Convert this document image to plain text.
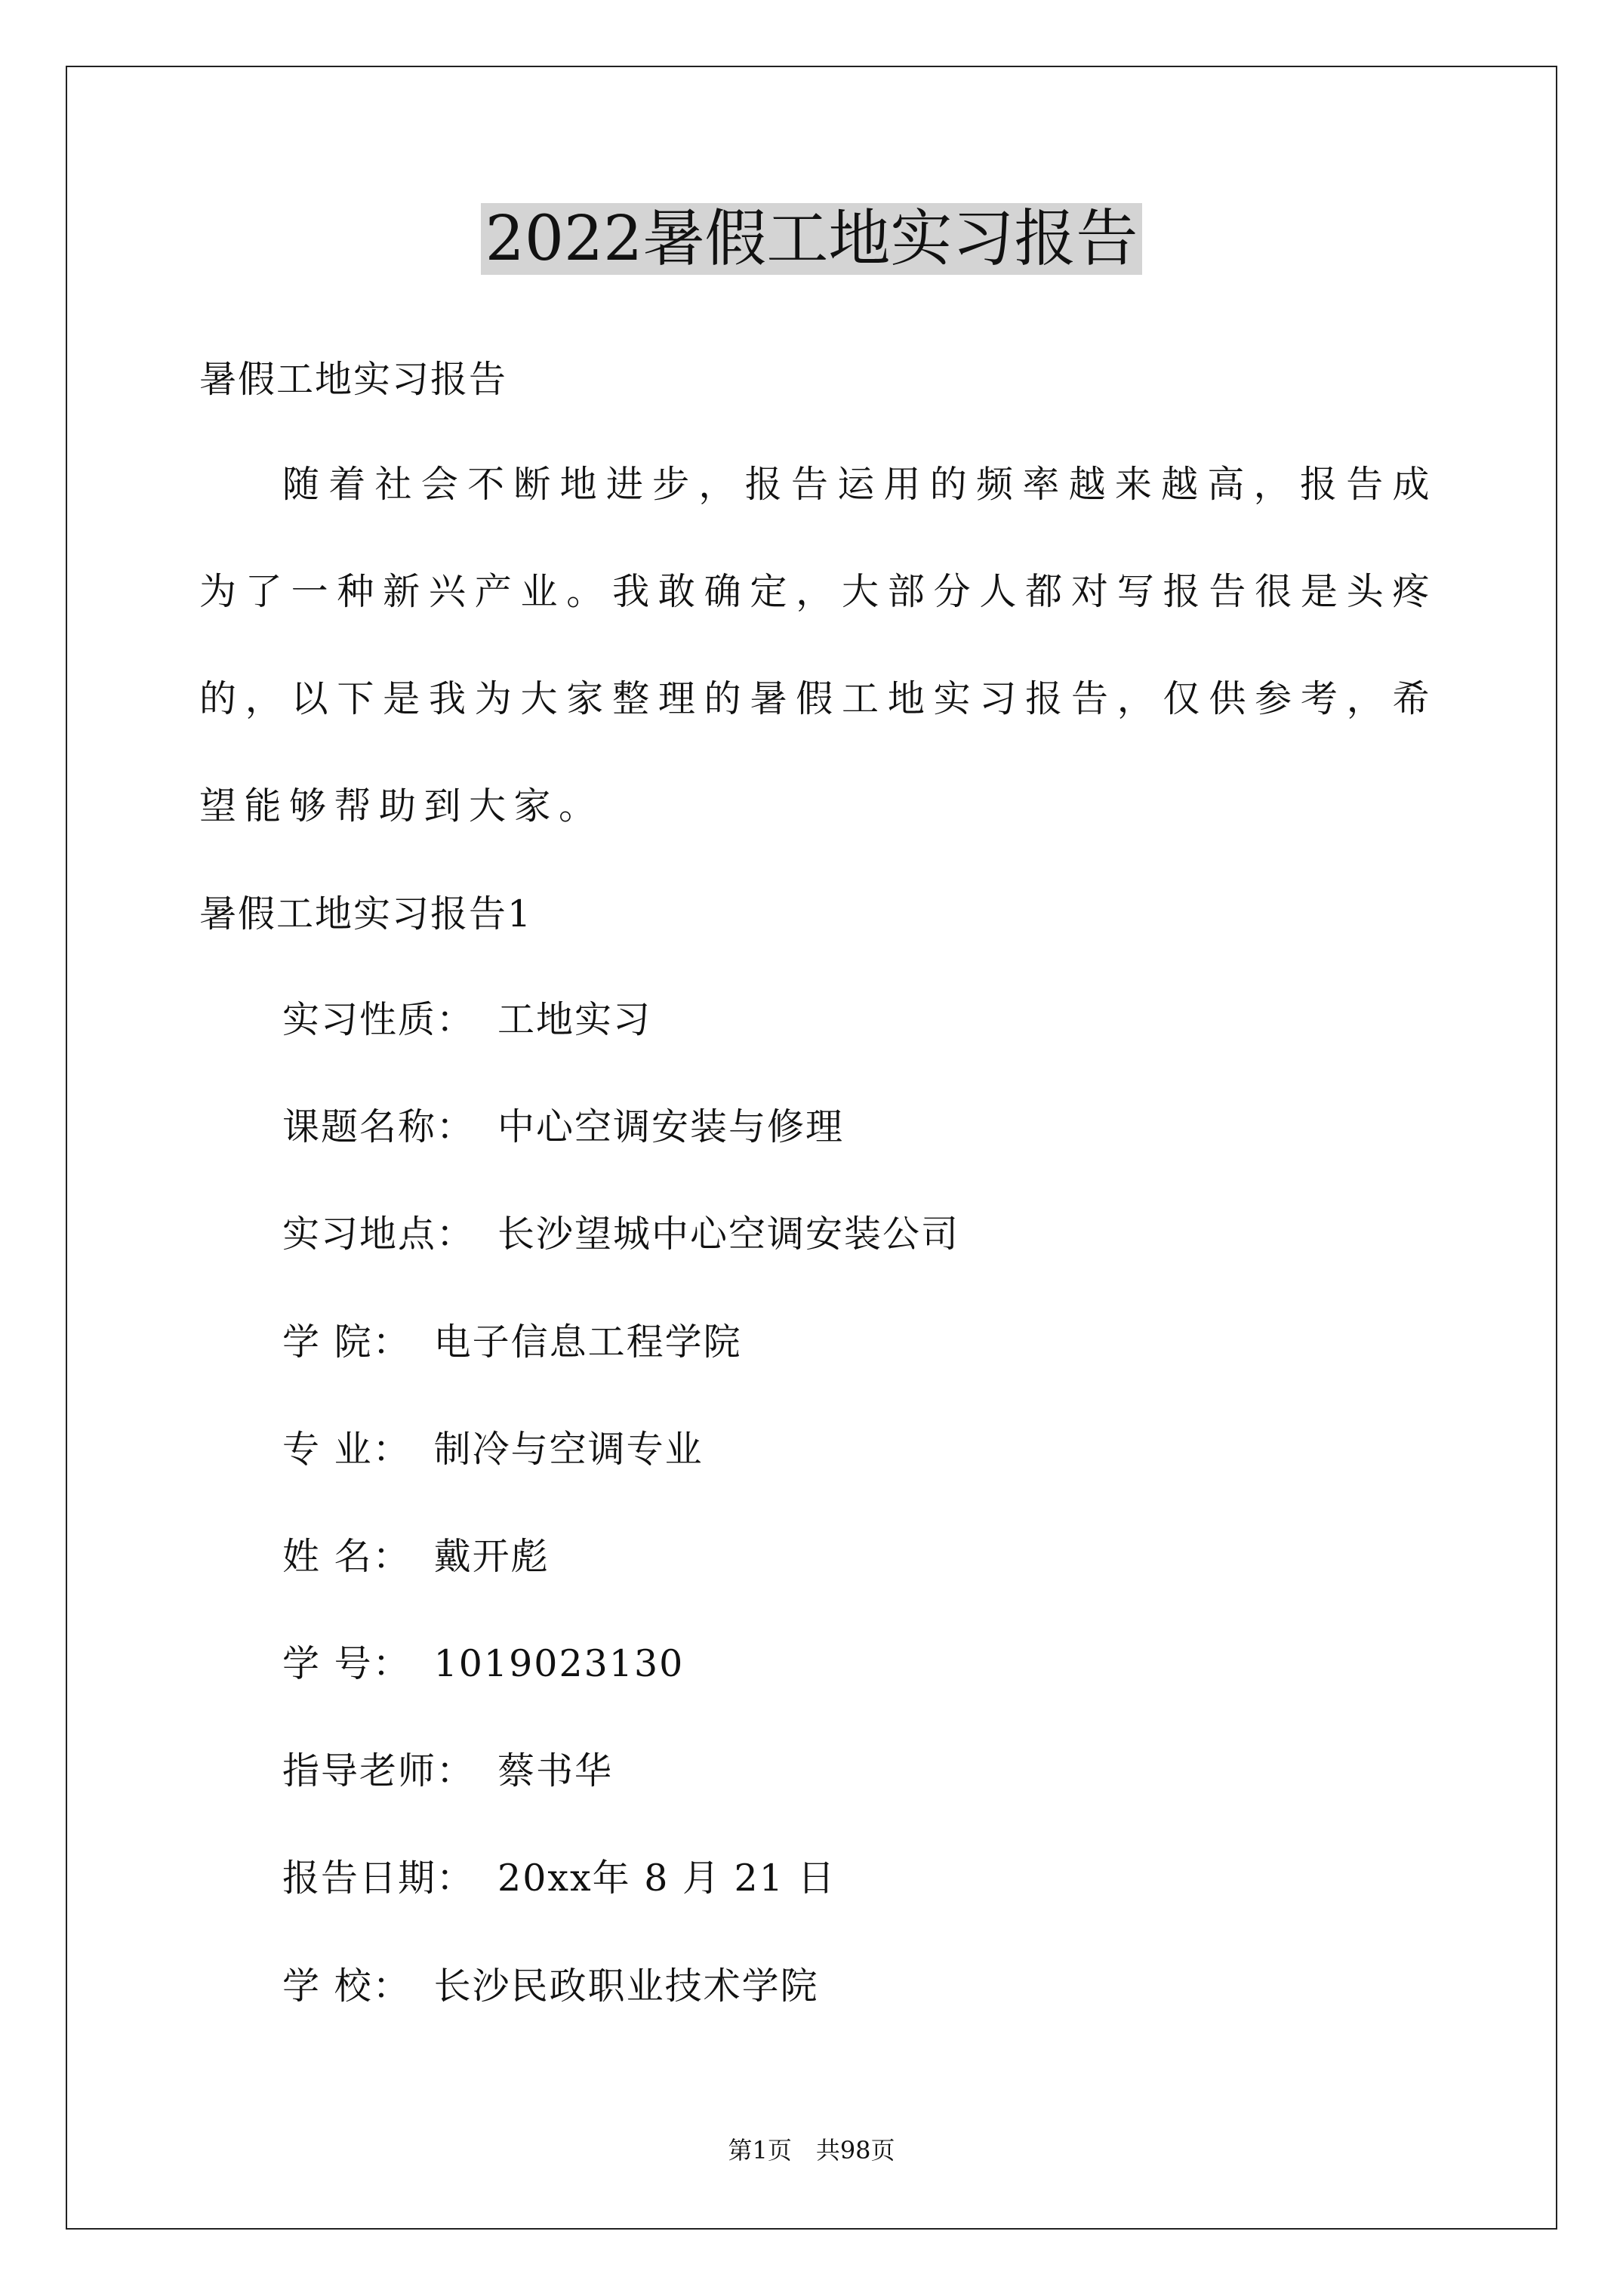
2022暑假工地实习报告
暑假工地实习报告
随着社会不断地进步，报告运用的频率越来越高，报告成为了一种新兴产业。我敢确定，大部分人都对写报告很是头疼的，以下是我为大家整理的暑假工地实习报告，仅供参考，希望能够帮助到大家。
暑假工地实习报告1
实习性质： 工地实习
课题名称： 中心空调安装与修理
实习地点： 长沙望城中心空调安装公司
学 院： 电子信息工程学院
专 业： 制冷与空调专业
姓 名： 戴开彪
学 号： 1019023130
指导老师： 蔡书华
报告日期： 20xx年 8 月 21 日
学 校： 长沙民政职业技术学院
第1页　共98页
